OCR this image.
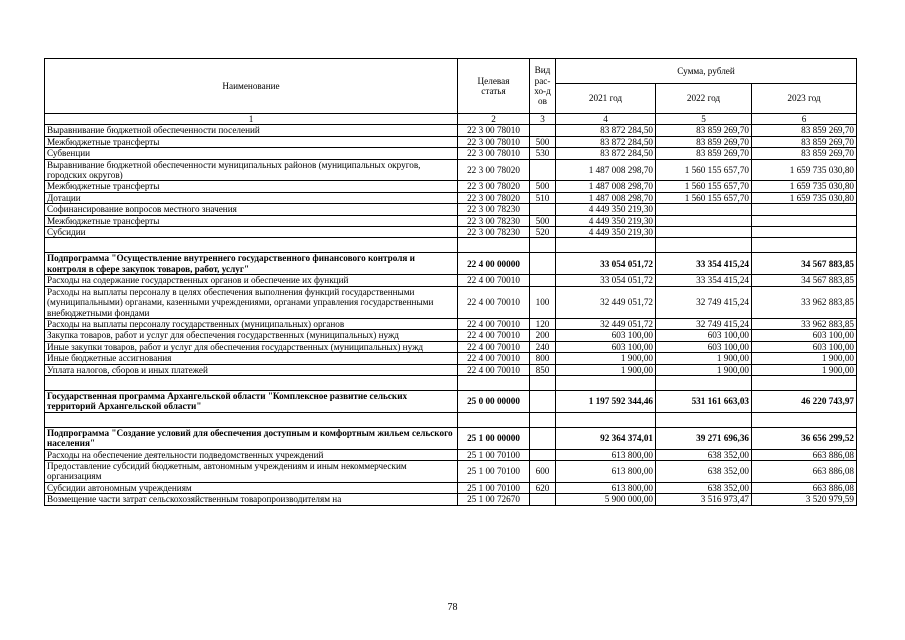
Наименование	Целевая статья	Вид рас-хо-дов	Сумма, рублей		
			2021 год	2022 год	2023 год
1	2	3	4	5	6
Выравнивание бюджетной обеспеченности поселений	22 3 00 78010		83 872 284,50	83 859 269,70	83 859 269,70
Межбюджетные трансферты	22 3 00 78010	500	83 872 284,50	83 859 269,70	83 859 269,70
Субвенции	22 3 00 78010	530	83 872 284,50	83 859 269,70	83 859 269,70
Выравнивание бюджетной обеспеченности муниципальных районов (муниципальных округов, городских округов)	22 3 00 78020		1 487 008 298,70	1 560 155 657,70	1 659 735 030,80
Межбюджетные трансферты	22 3 00 78020	500	1 487 008 298,70	1 560 155 657,70	1 659 735 030,80
Дотации	22 3 00 78020	510	1 487 008 298,70	1 560 155 657,70	1 659 735 030,80
Софинансирование вопросов местного значения	22 3 00 78230		4 449 350 219,30		
Межбюджетные трансферты	22 3 00 78230	500	4 449 350 219,30		
Субсидии	22 3 00 78230	520	4 449 350 219,30		

Подпрограмма "Осуществление внутреннего государственного финансового контроля и контроля в сфере закупок товаров, работ, услуг"	22 4 00 00000		33 054 051,72	33 354 415,24	34 567 883,85
Расходы на содержание государственных органов и обеспечение их функций	22 4 00 70010		33 054 051,72	33 354 415,24	34 567 883,85
Расходы на выплаты персоналу в целях обеспечения выполнения функций государственными (муниципальными) органами, казенными учреждениями, органами управления государственными внебюджетными фондами	22 4 00 70010	100	32 449 051,72	32 749 415,24	33 962 883,85
Расходы на выплаты персоналу государственных (муниципальных) органов	22 4 00 70010	120	32 449 051,72	32 749 415,24	33 962 883,85
Закупка товаров, работ и услуг для обеспечения государственных (муниципальных) нужд	22 4 00 70010	200	603 100,00	603 100,00	603 100,00
Иные закупки товаров, работ и услуг для обеспечения государственных (муниципальных) нужд	22 4 00 70010	240	603 100,00	603 100,00	603 100,00
Иные бюджетные ассигнования	22 4 00 70010	800	1 900,00	1 900,00	1 900,00
Уплата налогов, сборов и иных платежей	22 4 00 70010	850	1 900,00	1 900,00	1 900,00

Государственная программа Архангельской области "Комплексное развитие сельских территорий Архангельской области"	25 0 00 00000		1 197 592 344,46	531 161 663,03	46 220 743,97

Подпрограмма "Создание условий для обеспечения доступным и комфортным жильем сельского населения"	25 1 00 00000		92 364 374,01	39 271 696,36	36 656 299,52
Расходы на обеспечение деятельности подведомственных учреждений	25 1 00 70100		613 800,00	638 352,00	663 886,08
Предоставление субсидий бюджетным, автономным учреждениям и иным некоммерческим организациям	25 1 00 70100	600	613 800,00	638 352,00	663 886,08
Субсидии автономным учреждениям	25 1 00 70100	620	613 800,00	638 352,00	663 886,08
Возмещение части затрат сельскохозяйственным товаропроизводителям на	25 1 00 72670		5 900 000,00	3 516 973,47	3 520 979,59
78
